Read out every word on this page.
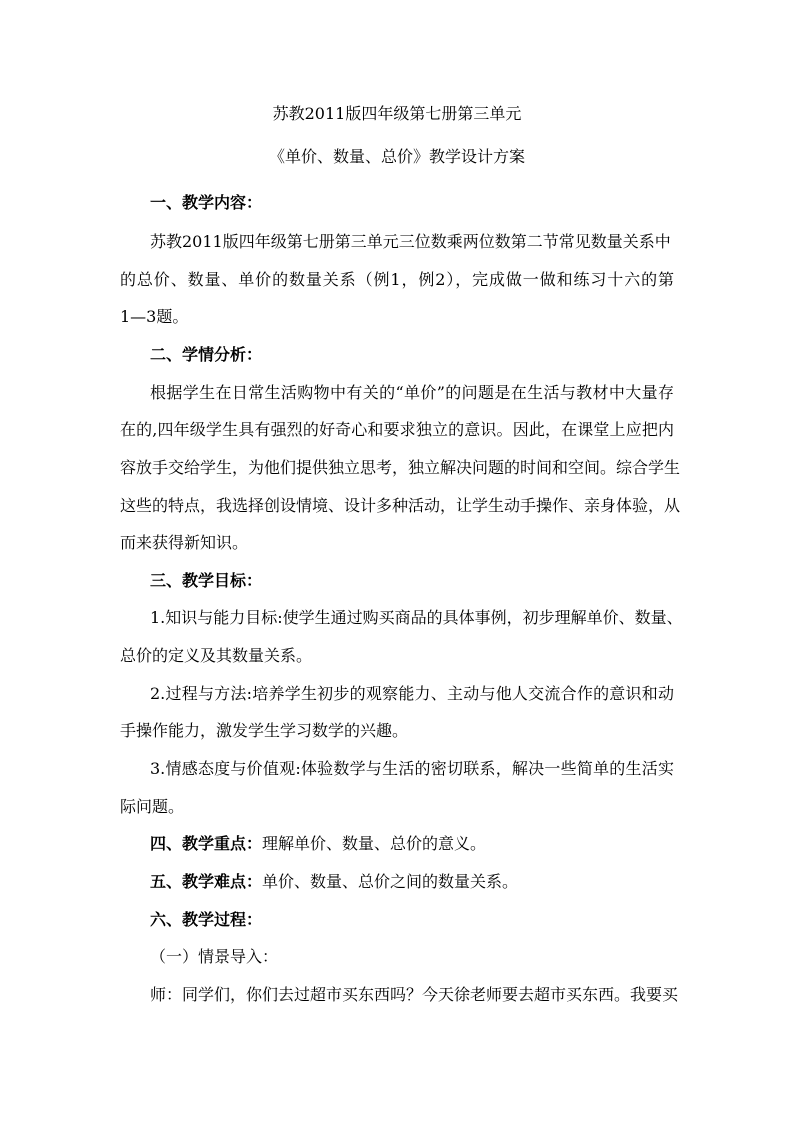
苏教2011版四年级第七册第三单元

《单价、数量、总价》教学设计方案

一、教学内容：

苏教2011版四年级第七册第三单元三位数乘两位数第二节常见数量关系中

的总价、数量、单价的数量关系（例1，例2），完成做一做和练习十六的第

1—3题。

二、学情分析：

根据学生在日常生活购物中有关的“单价”的问题是在生活与教材中大量存

在的,四年级学生具有强烈的好奇心和要求独立的意识。因此，在课堂上应把内

容放手交给学生，为他们提供独立思考，独立解决问题的时间和空间。综合学生

这些的特点，我选择创设情境、设计多种活动，让学生动手操作、亲身体验，从

而来获得新知识。

三、教学目标：

1.知识与能力目标:使学生通过购买商品的具体事例，初步理解单价、数量、

总价的定义及其数量关系。

2.过程与方法:培养学生初步的观察能力、主动与他人交流合作的意识和动

手操作能力，激发学生学习数学的兴趣。

3.情感态度与价值观:体验数学与生活的密切联系，解决一些简单的生活实

际问题。

四、教学重点：理解单价、数量、总价的意义。

五、教学难点：单价、数量、总价之间的数量关系。

六、教学过程：

（一）情景导入：

师：同学们，你们去过超市买东西吗？今天徐老师要去超市买东西。我要买
